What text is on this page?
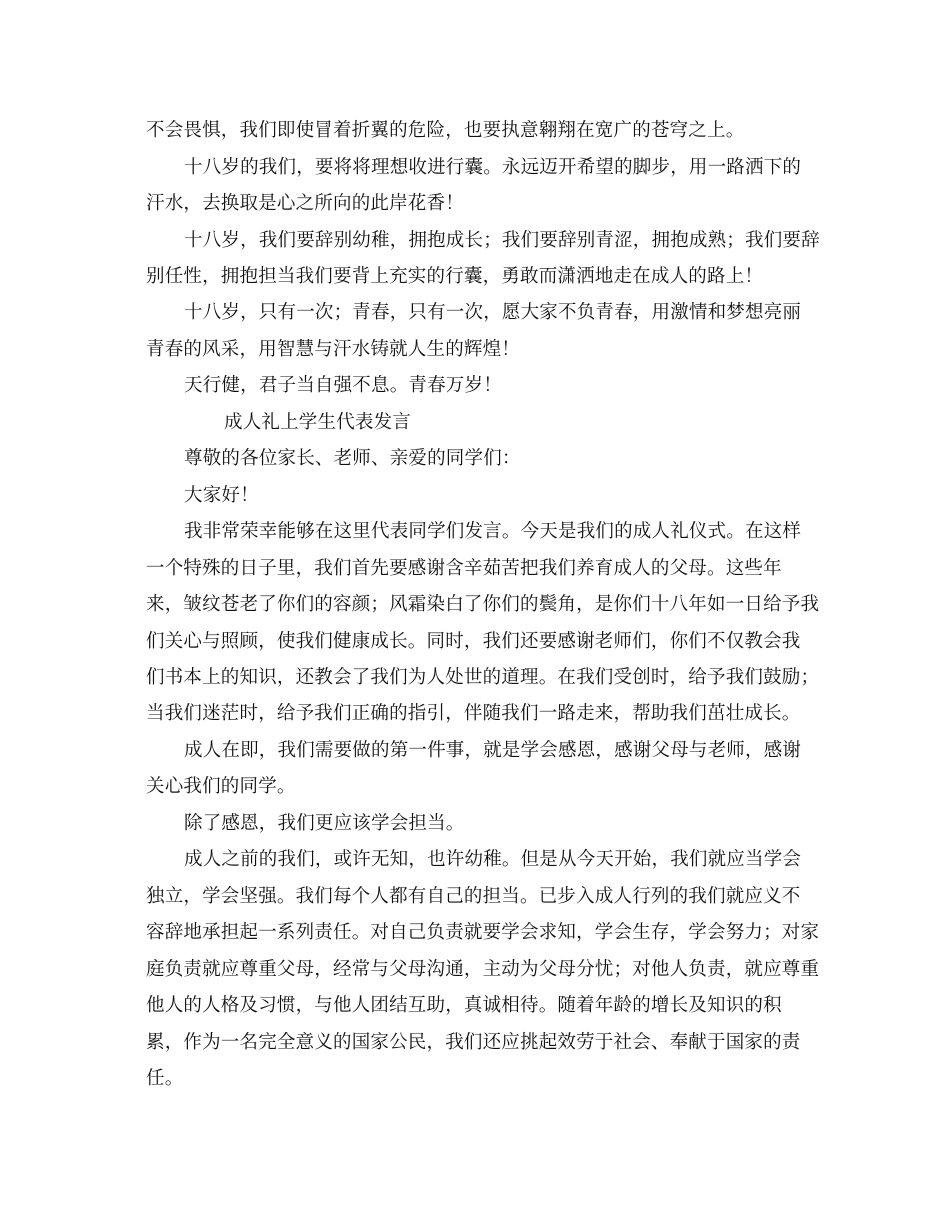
不会畏惧，我们即使冒着折翼的危险，也要执意翱翔在宽广的苍穹之上。
十八岁的我们，要将将理想收进行囊。永远迈开希望的脚步，用一路洒下的
汗水，去换取是心之所向的此岸花香！
十八岁，我们要辞别幼稚，拥抱成长；我们要辞别青涩，拥抱成熟；我们要辞
别任性，拥抱担当我们要背上充实的行囊，勇敢而潇洒地走在成人的路上！
十八岁，只有一次；青春，只有一次，愿大家不负青春，用激情和梦想亮丽
青春的风采，用智慧与汗水铸就人生的辉煌！
天行健，君子当自强不息。青春万岁！
成人礼上学生代表发言
尊敬的各位家长、老师、亲爱的同学们：
大家好！
我非常荣幸能够在这里代表同学们发言。今天是我们的成人礼仪式。在这样
一个特殊的日子里，我们首先要感谢含辛茹苦把我们养育成人的父母。这些年
来，皱纹苍老了你们的容颜；风霜染白了你们的鬓角，是你们十八年如一日给予我
们关心与照顾，使我们健康成长。同时，我们还要感谢老师们，你们不仅教会我
们书本上的知识，还教会了我们为人处世的道理。在我们受创时，给予我们鼓励；
当我们迷茫时，给予我们正确的指引，伴随我们一路走来，帮助我们茁壮成长。
成人在即，我们需要做的第一件事，就是学会感恩，感谢父母与老师，感谢
关心我们的同学。
除了感恩，我们更应该学会担当。
成人之前的我们，或许无知，也许幼稚。但是从今天开始，我们就应当学会
独立，学会坚强。我们每个人都有自己的担当。已步入成人行列的我们就应义不
容辞地承担起一系列责任。对自己负责就要学会求知，学会生存，学会努力；对家
庭负责就应尊重父母，经常与父母沟通，主动为父母分忧；对他人负责，就应尊重
他人的人格及习惯，与他人团结互助，真诚相待。随着年龄的增长及知识的积
累，作为一名完全意义的国家公民，我们还应挑起效劳于社会、奉献于国家的责
任。
